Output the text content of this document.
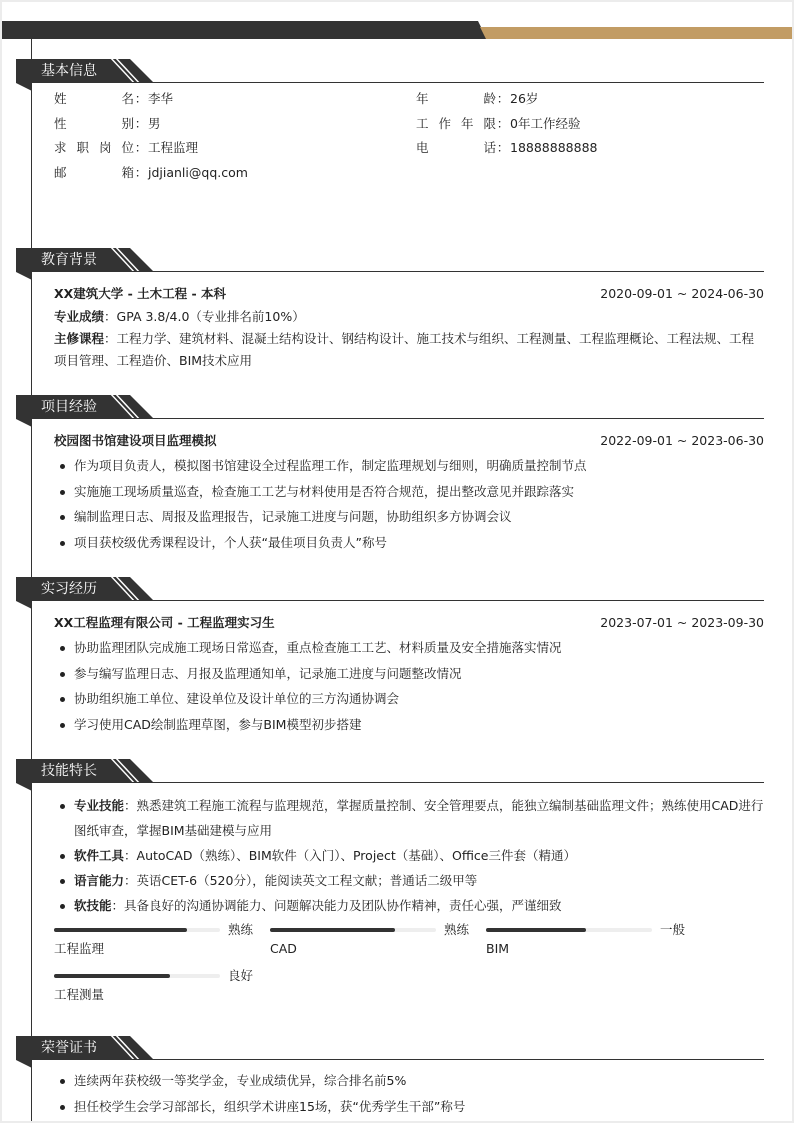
基本信息
姓名：李华	年龄：26岁
性别：男	工作年限：0年工作经验
求职岗位：工程监理	电话：18888888888
邮箱：jdjianli@qq.com
教育背景
XX建筑大学 - 土木工程 - 本科	2020-09-01 ~ 2024-06-30
专业成绩：GPA 3.8/4.0（专业排名前10%）
主修课程：工程力学、建筑材料、混凝土结构设计、钢结构设计、施工技术与组织、工程测量、工程监理概论、工程法规、工程项目管理、工程造价、BIM技术应用
项目经验
校园图书馆建设项目监理模拟	2022-09-01 ~ 2023-06-30
作为项目负责人，模拟图书馆建设全过程监理工作，制定监理规划与细则，明确质量控制节点
实施施工现场质量巡查，检查施工工艺与材料使用是否符合规范，提出整改意见并跟踪落实
编制监理日志、周报及监理报告，记录施工进度与问题，协助组织多方协调会议
项目获校级优秀课程设计，个人获“最佳项目负责人”称号
实习经历
XX工程监理有限公司 - 工程监理实习生	2023-07-01 ~ 2023-09-30
协助监理团队完成施工现场日常巡查，重点检查施工工艺、材料质量及安全措施落实情况
参与编写监理日志、月报及监理通知单，记录施工进度与问题整改情况
协助组织施工单位、建设单位及设计单位的三方沟通协调会
学习使用CAD绘制监理草图，参与BIM模型初步搭建
技能特长
专业技能：熟悉建筑工程施工流程与监理规范，掌握质量控制、安全管理要点，能独立编制基础监理文件；熟练使用CAD进行图纸审查，掌握BIM基础建模与应用
软件工具：AutoCAD（熟练）、BIM软件（入门）、Project（基础）、Office三件套（精通）
语言能力：英语CET-6（520分），能阅读英文工程文献；普通话二级甲等
软技能：具备良好的沟通协调能力、问题解决能力及团队协作精神，责任心强，严谨细致
熟练
工程监理
熟练
CAD
一般
BIM
良好
工程测量
荣誉证书
连续两年获校级一等奖学金，专业成绩优异，综合排名前5%
担任校学生会学习部部长，组织学术讲座15场，获“优秀学生干部”称号
